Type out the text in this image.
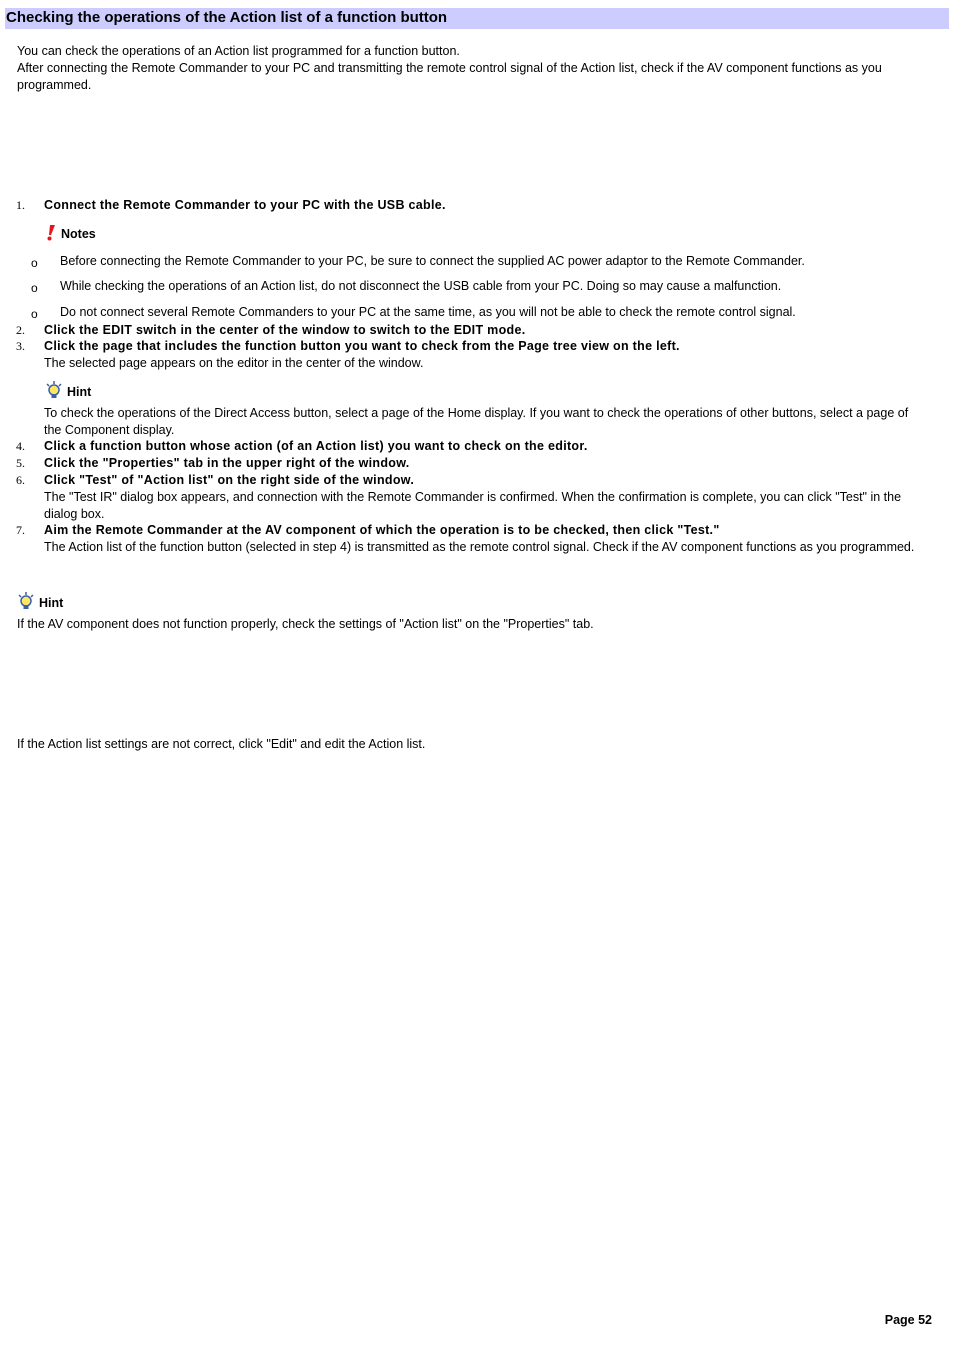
Checking the operations of the Action list of a function button

You can check the operations of an Action list programmed for a function button.

After connecting the Remote Commander to your PC and transmitting the remote control signal of the Action list, check if the AV component functions as you programmed.

1. Connect the Remote Commander to your PC with the USB cable.
Notes
o Before connecting the Remote Commander to your PC, be sure to connect the supplied AC power adaptor to the Remote Commander.
o While checking the operations of an Action list, do not disconnect the USB cable from your PC. Doing so may cause a malfunction.
o Do not connect several Remote Commanders to your PC at the same time, as you will not be able to check the remote control signal.
2. Click the EDIT switch in the center of the window to switch to the EDIT mode.
3. Click the page that includes the function button you want to check from the Page tree view on the left.
The selected page appears on the editor in the center of the window.
Hint
To check the operations of the Direct Access button, select a page of the Home display. If you want to check the operations of other buttons, select a page of the Component display.
4. Click a function button whose action (of an Action list) you want to check on the editor.
5. Click the "Properties" tab in the upper right of the window.
6. Click "Test" of "Action list" on the right side of the window.
The "Test IR" dialog box appears, and connection with the Remote Commander is confirmed. When the confirmation is complete, you can click "Test" in the dialog box.
7. Aim the Remote Commander at the AV component of which the operation is to be checked, then click "Test."
The Action list of the function button (selected in step 4) is transmitted as the remote control signal. Check if the AV component functions as you programmed.
Hint
If the AV component does not function properly, check the settings of "Action list" on the "Properties" tab.
If the Action list settings are not correct, click "Edit" and edit the Action list.
Page 52
